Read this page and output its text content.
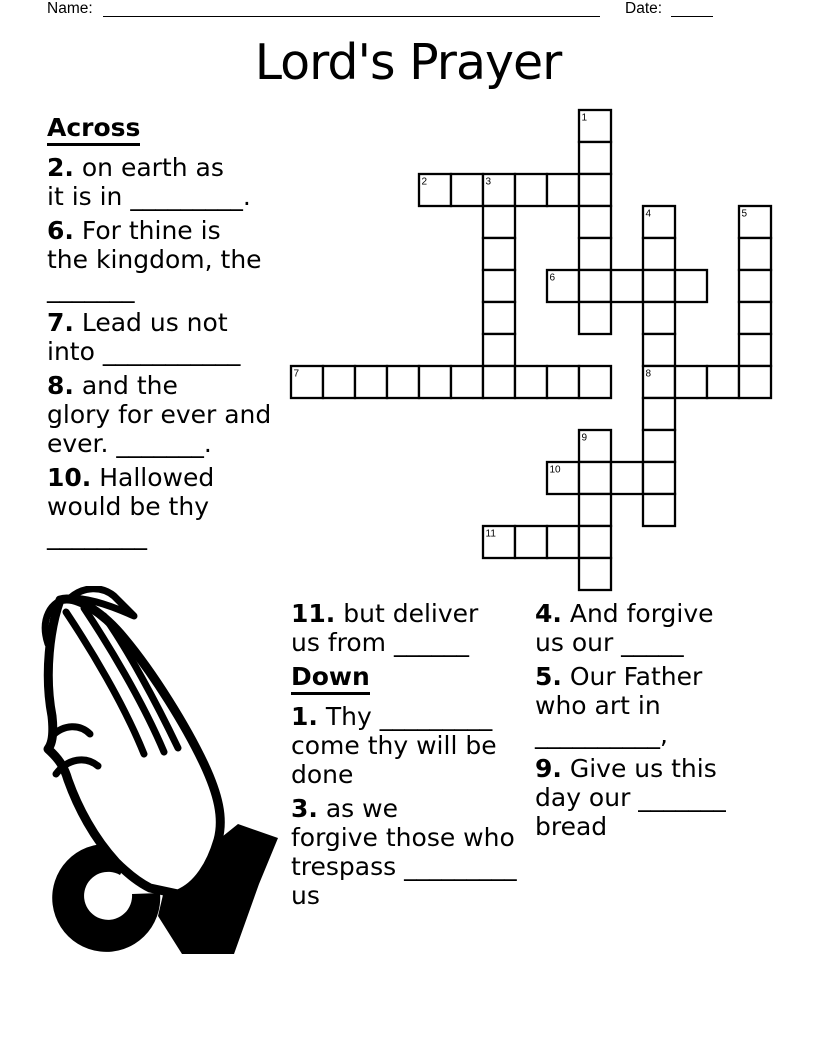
Name:	Date:
Lord's Prayer
1
2	3
4	5
6
7	8
9
10
11
Across
2. on earth as
it is in _________.
6. For thine is
the kingdom, the
_______
7. Lead us not
into ___________
8. and the
glory for ever and
ever. _______.
10. Hallowed
would be thy
________
11. but deliver
us from ______
Down
1. Thy _________
come thy will be
done
3. as we
forgive those who
trespass _________
us
4. And forgive
us our _____
5. Our Father
who art in
__________,
9. Give us this
day our _______
bread
